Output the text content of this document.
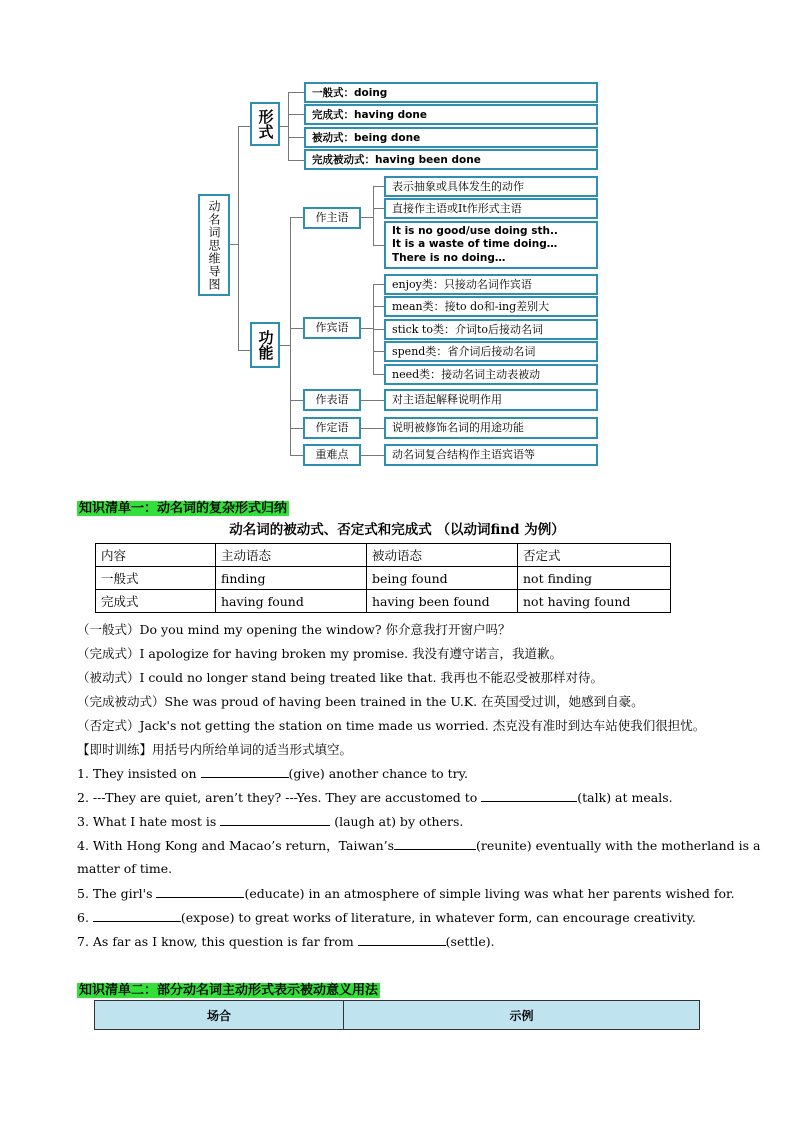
动名词思维导图
形式
一般式：doing
完成式：having done
被动式：being done
完成被动式：having been done
功能
作主语
表示抽象或具体发生的动作
直接作主语或It作形式主语
It is no good/use doing sth..
It is a waste of time doing…
There is no doing…
作宾语
enjoy类：只接动名词作宾语
mean类：接to do和-ing差别大
stick to类：介词to后接动名词
spend类：省介词后接动名词
need类：接动名词主动表被动
作表语	对主语起解释说明作用
作定语	说明被修饰名词的用途功能
重难点	动名词复合结构作主语宾语等
知识清单一：动名词的复杂形式归纳
动名词的被动式、否定式和完成式 （以动词find 为例）
内容	主动语态	被动语态	否定式
一般式	finding	being found	not finding
完成式	having found	having been found	not having found
（一般式）Do you mind my opening the window? 你介意我打开窗户吗？
（完成式）I apologize for having broken my promise. 我没有遵守诺言，我道歉。
（被动式）I could no longer stand being treated like that. 我再也不能忍受被那样对待。
（完成被动式）She was proud of having been trained in the U.K. 在英国受过训，她感到自豪。
（否定式）Jack's not getting the station on time made us worried. 杰克没有准时到达车站使我们很担忧。
【即时训练】用括号内所给单词的适当形式填空。
1. They insisted on	(give) another chance to try.
2. ---They are quiet, aren’t they? ---Yes. They are accustomed to	(talk) at meals.
3. What I hate most is	(laugh at) by others.
4. With Hong Kong and Macao’s return，Taiwan’s	(reunite) eventually with the motherland is a
matter of time.
5. The girl's	(educate) in an atmosphere of simple living was what her parents wished for.
6.	(expose) to great works of literature, in whatever form, can encourage creativity.
7. As far as I know, this question is far from	(settle).
知识清单二：部分动名词主动形式表示被动意义用法
场合	示例
